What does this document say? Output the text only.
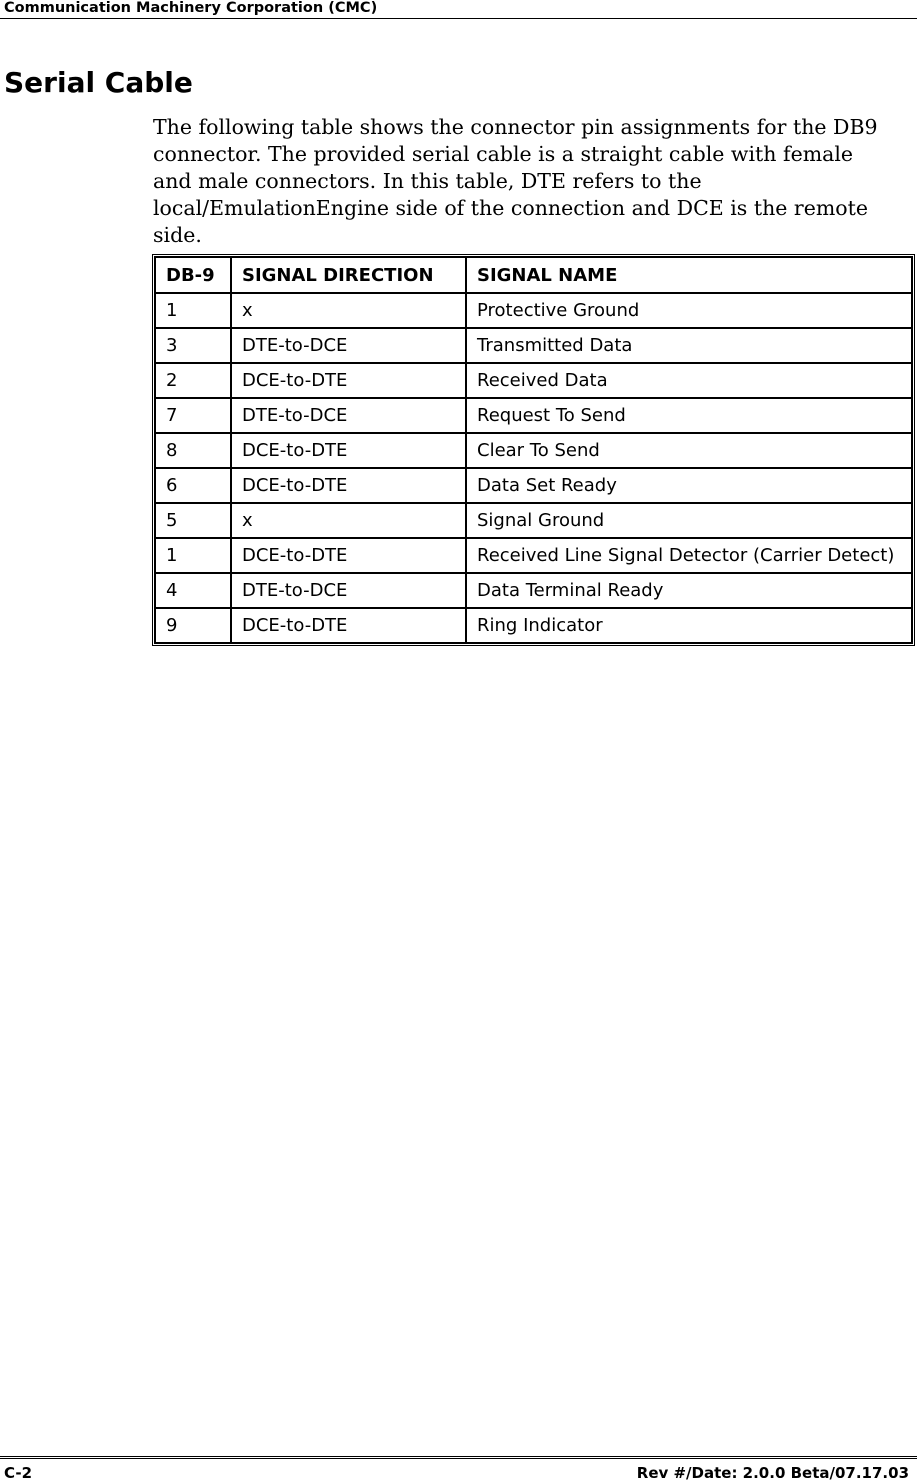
Communication Machinery Corporation (CMC)
Serial Cable

The following table shows the connector pin assignments for the DB9 connector. The provided serial cable is a straight cable with female and male connectors. In this table, DTE refers to the local/EmulationEngine side of the connection and DCE is the remote side.

DB-9	SIGNAL DIRECTION	SIGNAL NAME
1	x	Protective Ground
3	DTE-to-DCE	Transmitted Data
2	DCE-to-DTE	Received Data
7	DTE-to-DCE	Request To Send
8	DCE-to-DTE	Clear To Send
6	DCE-to-DTE	Data Set Ready
5	x	Signal Ground
1	DCE-to-DTE	Received Line Signal Detector (Carrier Detect)
4	DTE-to-DCE	Data Terminal Ready
9	DCE-to-DTE	Ring Indicator
C-2	Rev #/Date: 2.0.0 Beta/07.17.03
